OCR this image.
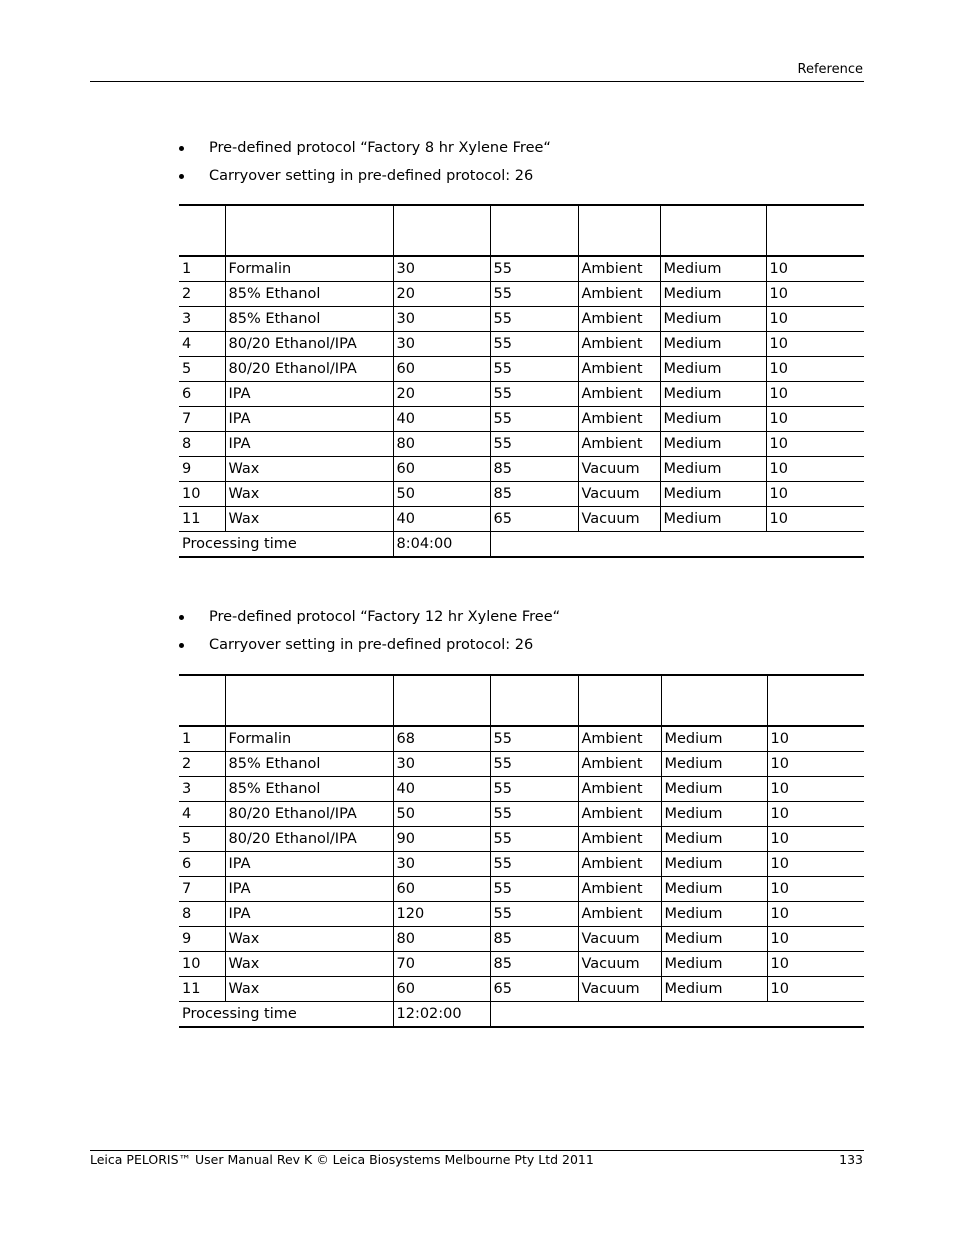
Reference
Pre-defined protocol “Factory 8 hr Xylene Free“
Carryover setting in pre-defined protocol: 26

1	Formalin	30	55	Ambient	Medium	10
2	85% Ethanol	20	55	Ambient	Medium	10
3	85% Ethanol	30	55	Ambient	Medium	10
4	80/20 Ethanol/IPA	30	55	Ambient	Medium	10
5	80/20 Ethanol/IPA	60	55	Ambient	Medium	10
6	IPA	20	55	Ambient	Medium	10
7	IPA	40	55	Ambient	Medium	10
8	IPA	80	55	Ambient	Medium	10
9	Wax	60	85	Vacuum	Medium	10
10	Wax	50	85	Vacuum	Medium	10
11	Wax	40	65	Vacuum	Medium	10
Processing time		8:04:00				
Pre-defined protocol “Factory 12 hr Xylene Free“
Carryover setting in pre-defined protocol: 26

1	Formalin	68	55	Ambient	Medium	10
2	85% Ethanol	30	55	Ambient	Medium	10
3	85% Ethanol	40	55	Ambient	Medium	10
4	80/20 Ethanol/IPA	50	55	Ambient	Medium	10
5	80/20 Ethanol/IPA	90	55	Ambient	Medium	10
6	IPA	30	55	Ambient	Medium	10
7	IPA	60	55	Ambient	Medium	10
8	IPA	120	55	Ambient	Medium	10
9	Wax	80	85	Vacuum	Medium	10
10	Wax	70	85	Vacuum	Medium	10
11	Wax	60	65	Vacuum	Medium	10
Processing time		12:02:00				
Leica PELORIS™ User Manual Rev K © Leica Biosystems Melbourne Pty Ltd 2011	133
